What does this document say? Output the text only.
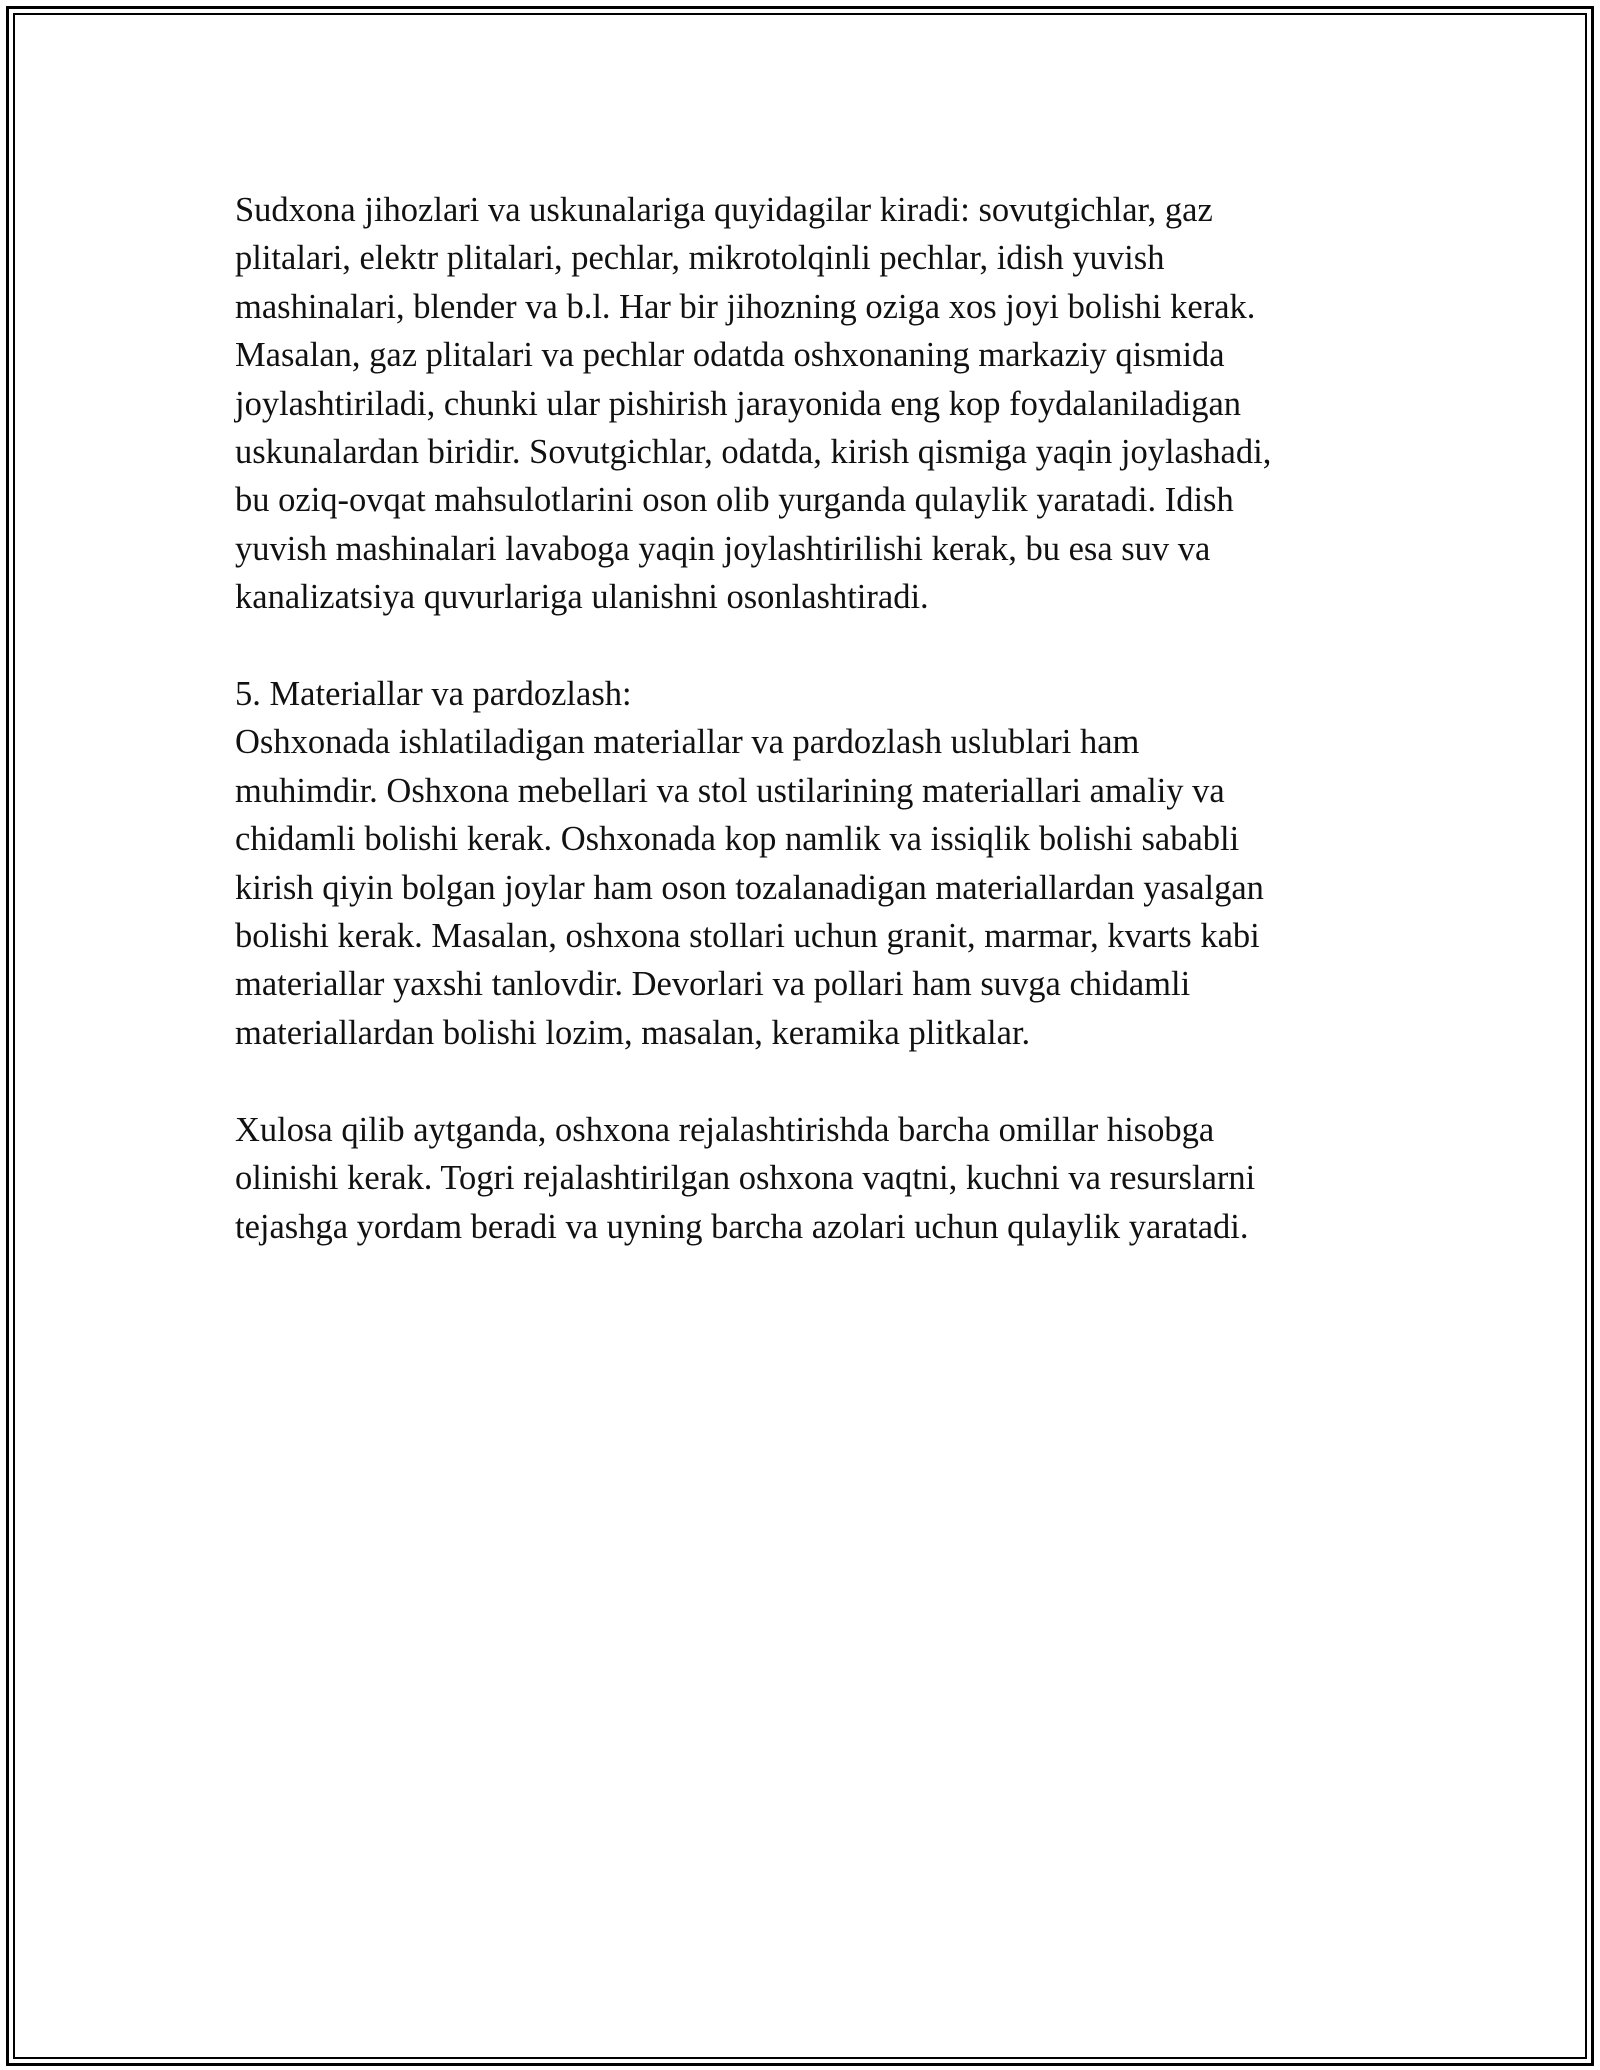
Sudxona jihozlari va uskunalariga quyidagilar kiradi: sovutgichlar, gaz
plitalari, elektr plitalari, pechlar, mikrotolqinli pechlar, idish yuvish
mashinalari, blender va b.l. Har bir jihozning oziga xos joyi bolishi kerak.
Masalan, gaz plitalari va pechlar odatda oshxonaning markaziy qismida
joylashtiriladi, chunki ular pishirish jarayonida eng kop foydalaniladigan
uskunalardan biridir. Sovutgichlar, odatda, kirish qismiga yaqin joylashadi,
bu oziq-ovqat mahsulotlarini oson olib yurganda qulaylik yaratadi. Idish
yuvish mashinalari lavaboga yaqin joylashtirilishi kerak, bu esa suv va
kanalizatsiya quvurlariga ulanishni osonlashtiradi.

5. Materiallar va pardozlash:
Oshxonada ishlatiladigan materiallar va pardozlash uslublari ham
muhimdir. Oshxona mebellari va stol ustilarining materiallari amaliy va
chidamli bolishi kerak. Oshxonada kop namlik va issiqlik bolishi sababli
kirish qiyin bolgan joylar ham oson tozalanadigan materiallardan yasalgan
bolishi kerak. Masalan, oshxona stollari uchun granit, marmar, kvarts kabi
materiallar yaxshi tanlovdir. Devorlari va pollari ham suvga chidamli
materiallardan bolishi lozim, masalan, keramika plitkalar.

Xulosa qilib aytganda, oshxona rejalashtirishda barcha omillar hisobga
olinishi kerak. Togri rejalashtirilgan oshxona vaqtni, kuchni va resurslarni
tejashga yordam beradi va uyning barcha azolari uchun qulaylik yaratadi.
